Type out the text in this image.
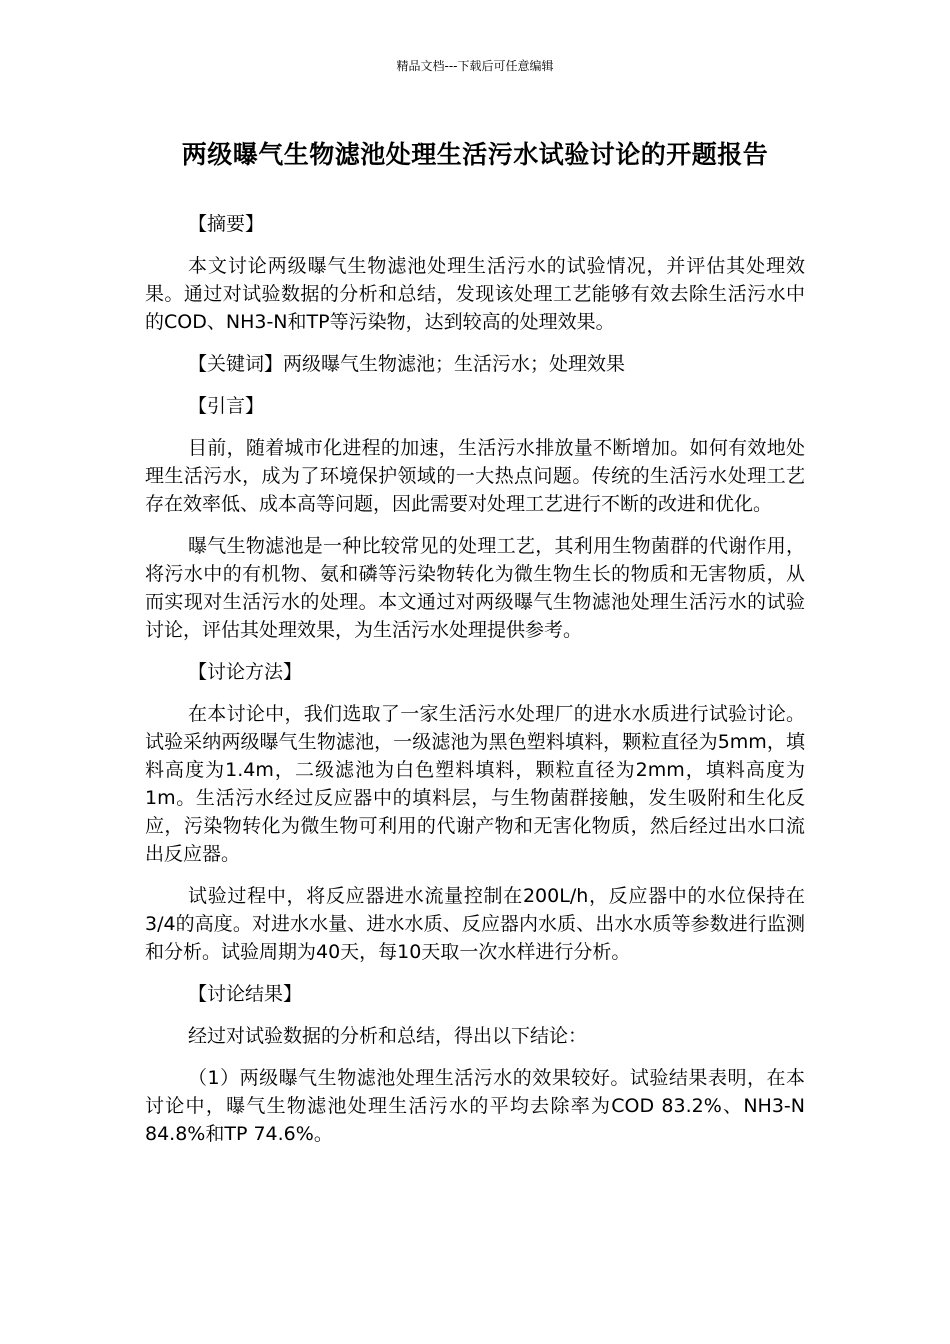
精品文档---下载后可任意编辑
两级曝气生物滤池处理生活污水试验讨论的开题报告

【摘要】

本文讨论两级曝气生物滤池处理生活污水的试验情况，并评估其处理效果。通过对试验数据的分析和总结，发现该处理工艺能够有效去除生活污水中的COD、NH3-N和TP等污染物，达到较高的处理效果。

【关键词】两级曝气生物滤池；生活污水；处理效果

【引言】

目前，随着城市化进程的加速，生活污水排放量不断增加。如何有效地处理生活污水，成为了环境保护领域的一大热点问题。传统的生活污水处理工艺存在效率低、成本高等问题，因此需要对处理工艺进行不断的改进和优化。

曝气生物滤池是一种比较常见的处理工艺，其利用生物菌群的代谢作用，将污水中的有机物、氨和磷等污染物转化为微生物生长的物质和无害物质，从而实现对生活污水的处理。本文通过对两级曝气生物滤池处理生活污水的试验讨论，评估其处理效果，为生活污水处理提供参考。

【讨论方法】

在本讨论中，我们选取了一家生活污水处理厂的进水水质进行试验讨论。试验采纳两级曝气生物滤池，一级滤池为黑色塑料填料，颗粒直径为5mm，填料高度为1.4m，二级滤池为白色塑料填料，颗粒直径为2mm，填料高度为1m。生活污水经过反应器中的填料层，与生物菌群接触，发生吸附和生化反应，污染物转化为微生物可利用的代谢产物和无害化物质，然后经过出水口流出反应器。

试验过程中，将反应器进水流量控制在200L/h，反应器中的水位保持在3/4的高度。对进水水量、进水水质、反应器内水质、出水水质等参数进行监测和分析。试验周期为40天，每10天取一次水样进行分析。

【讨论结果】

经过对试验数据的分析和总结，得出以下结论：

（1）两级曝气生物滤池处理生活污水的效果较好。试验结果表明，在本讨论中，曝气生物滤池处理生活污水的平均去除率为COD 83.2%、NH3-N 84.8%和TP 74.6%。
